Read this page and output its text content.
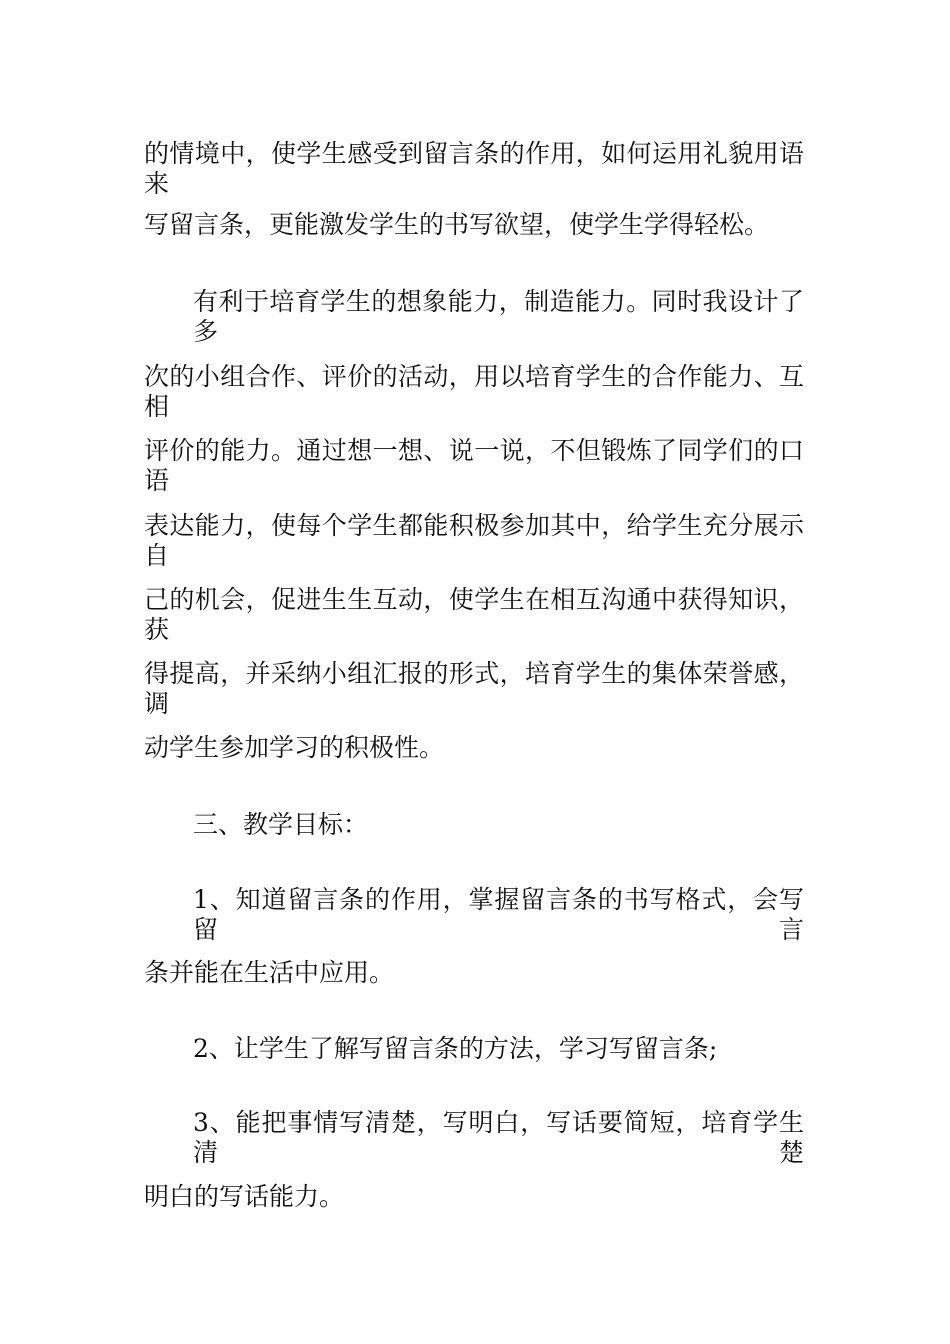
的情境中，使学生感受到留言条的作用，如何运用礼貌用语来

写留言条，更能激发学生的书写欲望，使学生学得轻松。

有利于培育学生的想象能力，制造能力。同时我设计了多

次的小组合作、评价的活动，用以培育学生的合作能力、互相

评价的能力。通过想一想、说一说，不但锻炼了同学们的口语

表达能力，使每个学生都能积极参加其中，给学生充分展示自

己的机会，促进生生互动，使学生在相互沟通中获得知识，获

得提高，并采纳小组汇报的形式，培育学生的集体荣誉感，调

动学生参加学习的积极性。

三、教学目标：

1、知道留言条的作用，掌握留言条的书写格式，会写留言

条并能在生活中应用。

2、让学生了解写留言条的方法，学习写留言条;

3、能把事情写清楚，写明白，写话要简短，培育学生清楚

明白的写话能力。
